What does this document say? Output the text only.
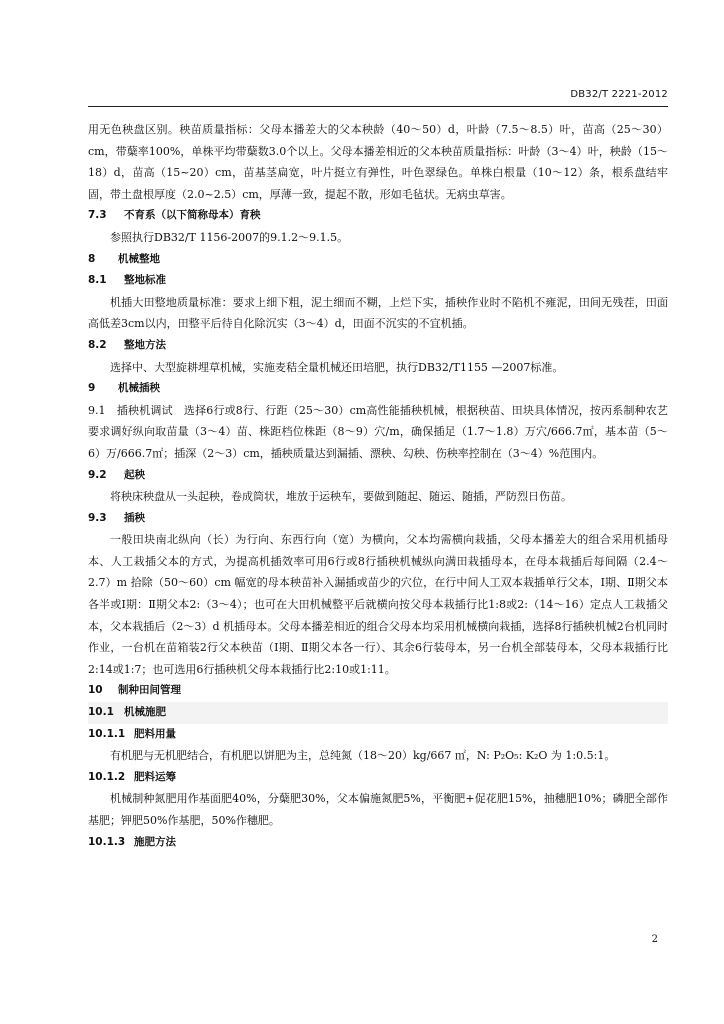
DB32/T 2221-2012

用无色秧盘区别。秧苗质量指标：父母本播差大的父本秧龄（40～50）d，叶龄（7.5～8.5）叶，苗高（25～30）cm，带蘖率100%，单株平均带蘖数3.0个以上。父母本播差相近的父本秧苗质量指标：叶龄（3～4）叶，秧龄（15～18）d，苗高（15~20）cm，苗基茎扁宽，叶片挺立有弹性，叶色翠绿色。单株白根量（10～12）条，根系盘结牢固，带土盘根厚度（2.0~2.5）cm，厚薄一致，提起不散，形如毛毡状。无病虫草害。

7.3 不育系（以下简称母本）育秧

参照执行DB32/T 1156-2007的9.1.2～9.1.5。

8 机械整地
8.1 整地标准

机插大田整地质量标准：要求上细下粗，泥土细而不糊，上烂下实，插秧作业时不陷机不雍泥，田间无残茬，田面高低差3cm以内，田整平后待自化除沉实（3～4）d，田面不沉实的不宜机插。

8.2 整地方法

选择中、大型旋耕埋草机械，实施麦秸全量机械还田培肥，执行DB32/T1155 —2007标准。

9 机械插秧

9.1　插秧机调试　选择6行或8行、行距（25～30）cm高性能插秧机械，根据秧苗、田块具体情况，按丙系制种农艺要求调好纵向取苗量（3～4）苗、株距档位株距（8～9）穴/m，确保插足（1.7～1.8）万穴/666.7㎡，基本苗（5～6）万/666.7㎡；插深（2～3）cm，插秧质量达到漏插、漂秧、勾秧、伤秧率控制在（3～4）%范围内。

9.2 起秧

将秧床秧盘从一头起秧，卷成筒状，堆放于运秧车，要做到随起、随运、随插，严防烈日伤苗。

9.3 插秧

一般田块南北纵向（长）为行向、东西行向（宽）为横向，父本均需横向栽插，父母本播差大的组合采用机插母本、人工栽插父本的方式，为提高机插效率可用6行或8行插秧机械纵向满田栽插母本，在母本栽插后每间隔（2.4～2.7）m 拾除（50～60）cm 幅宽的母本秧苗补入漏插或苗少的穴位，在行中间人工双本栽插单行父本，Ⅰ期、Ⅱ期父本各半或Ⅰ期：Ⅱ期父本2:（3～4）；也可在大田机械整平后就横向按父母本栽插行比1:8或2:（14～16）定点人工栽插父本，父本栽插后（2～3）d 机插母本。父母本播差相近的组合父母本均采用机械横向栽插，选择8行插秧机械2台机同时作业，一台机在苗箱装2行父本秧苗（Ⅰ期、Ⅱ期父本各一行）、其余6行装母本，另一台机全部装母本，父母本栽插行比2:14或1:7；也可选用6行插秧机父母本栽插行比2:10或1:11。

10 制种田间管理
10.1 机械施肥
10.1.1 肥料用量

有机肥与无机肥结合，有机肥以饼肥为主，总纯氮（18～20）kg/667 ㎡，N: P₂O₅: K₂O 为 1:0.5:1。

10.1.2 肥料运筹

机械制种氮肥用作基面肥40%，分蘖肥30%，父本偏施氮肥5%，平衡肥+促花肥15%，抽穗肥10%；磷肥全部作基肥；钾肥50%作基肥，50%作穗肥。

10.1.3 施肥方法
2
